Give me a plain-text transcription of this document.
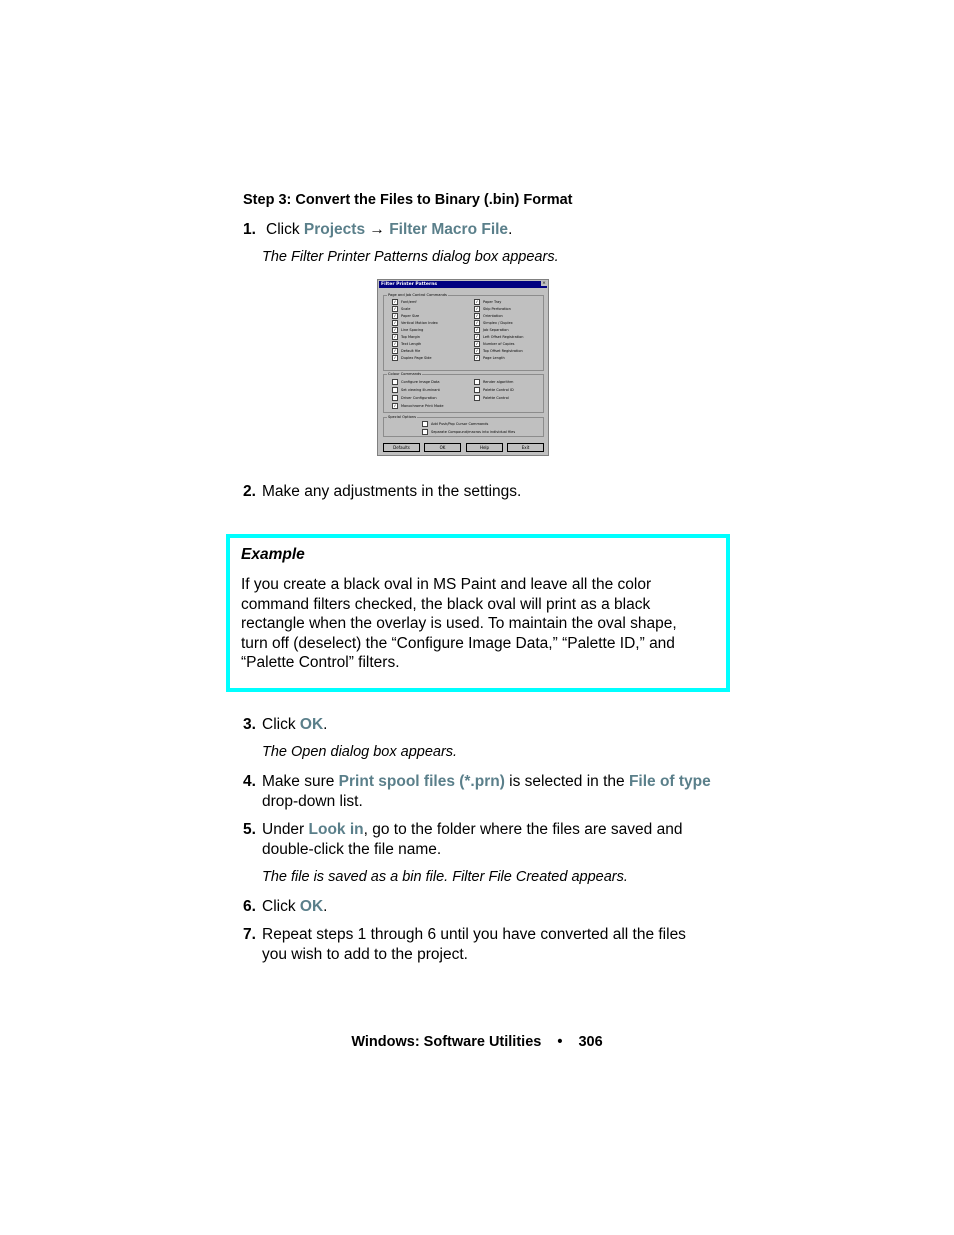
Step 3: Convert the Files to Binary (.bin) Format
1. Click Projects → Filter Macro File.
The Filter Printer Patterns dialog box appears.
Filter Printer Patterns	×
Page and Job Control Commands
✓ Font/emf
✓ Scale
✓ Paper Size
✓ Vertical Motion Index
✓ Line Spacing
✓ Top Margin
✓ Text Length
✓ Default file
✓ Duplex Page Side
✓ Paper Tray
✓ Skip Perforation
✓ Orientation
✓ Simplex / Duplex
✓ Job Separation
✓ Left Offset Registration
✓ Number of Copies
✓ Top Offset Registration
✓ Page Length
Colour Commands
Configure Image Data
Set viewing illuminant
Driver Configuration
✓ Monochrome Print Mode
Render algorithm
Palette Control ID
Palette Control
Special Options
Add Push/Pop Cursor Commands
Separate Compound/macros into individual files
Defaults	OK	Help	Exit
2. Make any adjustments in the settings.
Example
If you create a black oval in MS Paint and leave all the color
command filters checked, the black oval will print as a black
rectangle when the overlay is used. To maintain the oval shape,
turn off (deselect) the “Configure Image Data,” “Palette ID,” and
“Palette Control” filters.
3. Click OK.
The Open dialog box appears.
4. Make sure Print spool files (*.prn) is selected in the File of type
drop-down list.
5. Under Look in, go to the folder where the files are saved and
double-click the file name.
The file is saved as a bin file. Filter File Created appears.
6. Click OK.
7. Repeat steps 1 through 6 until you have converted all the files
you wish to add to the project.
Windows: Software Utilities • 306
